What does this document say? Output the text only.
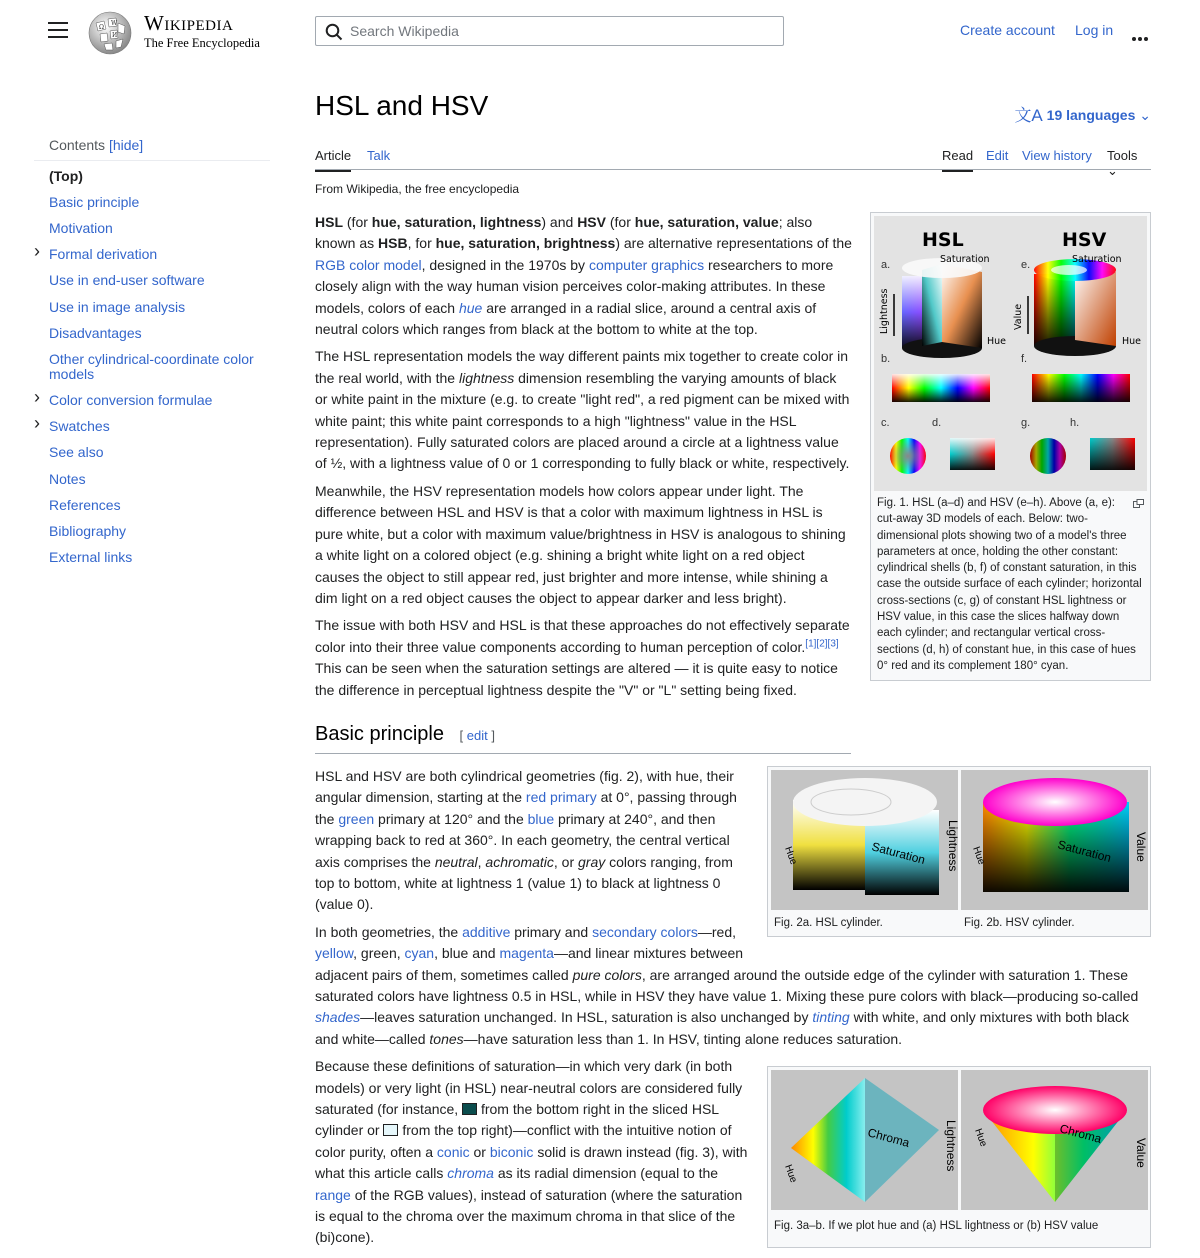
Ω
W
И
Wikipedia
The Free Encyclopedia
Search Wikipedia
Create account Log in
Contents [hide]
(Top)
Basic principle
Motivation
› Formal derivation
Use in end-user software
Use in image analysis
Disadvantages
Other cylindrical-coordinate color models
› Color conversion formulae
› Swatches
See also
Notes
References
Bibliography
External links
HSL and HSV	文A 19 languages ⌄
Article Talk	Read Edit View history Tools ⌄
From Wikipedia, the free encyclopedia
HSL	HSV
a.	e.
Saturation
Hue
Lightness
Saturation
Hue
Value
b.	f.
c.	d.	g.	h.
Fig. 1. HSL (a–d) and HSV (e–h). Above (a, e): cut-away 3D models of each. Below: two-dimensional plots showing two of a model's three parameters at once, holding the other constant: cylindrical shells (b, f) of constant saturation, in this case the outside surface of each cylinder; horizontal cross-sections (c, g) of constant HSL lightness or HSV value, in this case the slices halfway down each cylinder; and rectangular vertical cross-sections (d, h) of constant hue, in this case of hues 0° red and its complement 180° cyan.

HSL (for hue, saturation, lightness) and HSV (for hue, saturation, value; also known as HSB, for hue, saturation, brightness) are alternative representations of the RGB color model, designed in the 1970s by computer graphics researchers to more closely align with the way human vision perceives color-making attributes. In these models, colors of each hue are arranged in a radial slice, around a central axis of neutral colors which ranges from black at the bottom to white at the top.

The HSL representation models the way different paints mix together to create color in the real world, with the lightness dimension resembling the varying amounts of black or white paint in the mixture (e.g. to create "light red", a red pigment can be mixed with white paint; this white paint corresponds to a high "lightness" value in the HSL representation). Fully saturated colors are placed around a circle at a lightness value of ½, with a lightness value of 0 or 1 corresponding to fully black or white, respectively.

Meanwhile, the HSV representation models how colors appear under light. The difference between HSL and HSV is that a color with maximum lightness in HSL is pure white, but a color with maximum value/brightness in HSV is analogous to shining a white light on a colored object (e.g. shining a bright white light on a red object causes the object to still appear red, just brighter and more intense, while shining a dim light on a red object causes the object to appear darker and less bright).

The issue with both HSV and HSL is that these approaches do not effectively separate color into their three value components according to human perception of color.[1][2][3] This can be seen when the saturation settings are altered — it is quite easy to notice the difference in perceptual lightness despite the "V" or "L" setting being fixed.

Basic principle [ edit ]
Saturation Lightness
Hue
Fig. 2a. HSL cylinder.
Saturation Value
Hue
Fig. 2b. HSV cylinder.

HSL and HSV are both cylindrical geometries (fig. 2), with hue, their angular dimension, starting at the red primary at 0°, passing through the green primary at 120° and the blue primary at 240°, and then wrapping back to red at 360°. In each geometry, the central vertical axis comprises the neutral, achromatic, or gray colors ranging, from top to bottom, white at lightness 1 (value 1) to black at lightness 0 (value 0).

In both geometries, the additive primary and secondary colors—red, yellow, green, cyan, blue and magenta—and linear mixtures between adjacent pairs of them, sometimes called pure colors, are arranged around the outside edge of the cylinder with saturation 1. These saturated colors have lightness 0.5 in HSL, while in HSV they have value 1. Mixing these pure colors with black—producing so-called shades—leaves saturation unchanged. In HSL, saturation is also unchanged by tinting with white, and only mixtures with both black and white—called tones—have saturation less than 1. In HSV, tinting alone reduces saturation.

Chroma	Lightness
Hue
Chroma
Value
Hue
Fig. 3a–b. If we plot hue and (a) HSL lightness or (b) HSV value

Because these definitions of saturation—in which very dark (in both models) or very light (in HSL) near-neutral colors are considered fully saturated (for instance,  from the bottom right in the sliced HSL cylinder or  from the top right)—conflict with the intuitive notion of color purity, often a conic or biconic solid is drawn instead (fig. 3), with what this article calls chroma as its radial dimension (equal to the range of the RGB values), instead of saturation (where the saturation is equal to the chroma over the maximum chroma in that slice of the (bi)cone).
